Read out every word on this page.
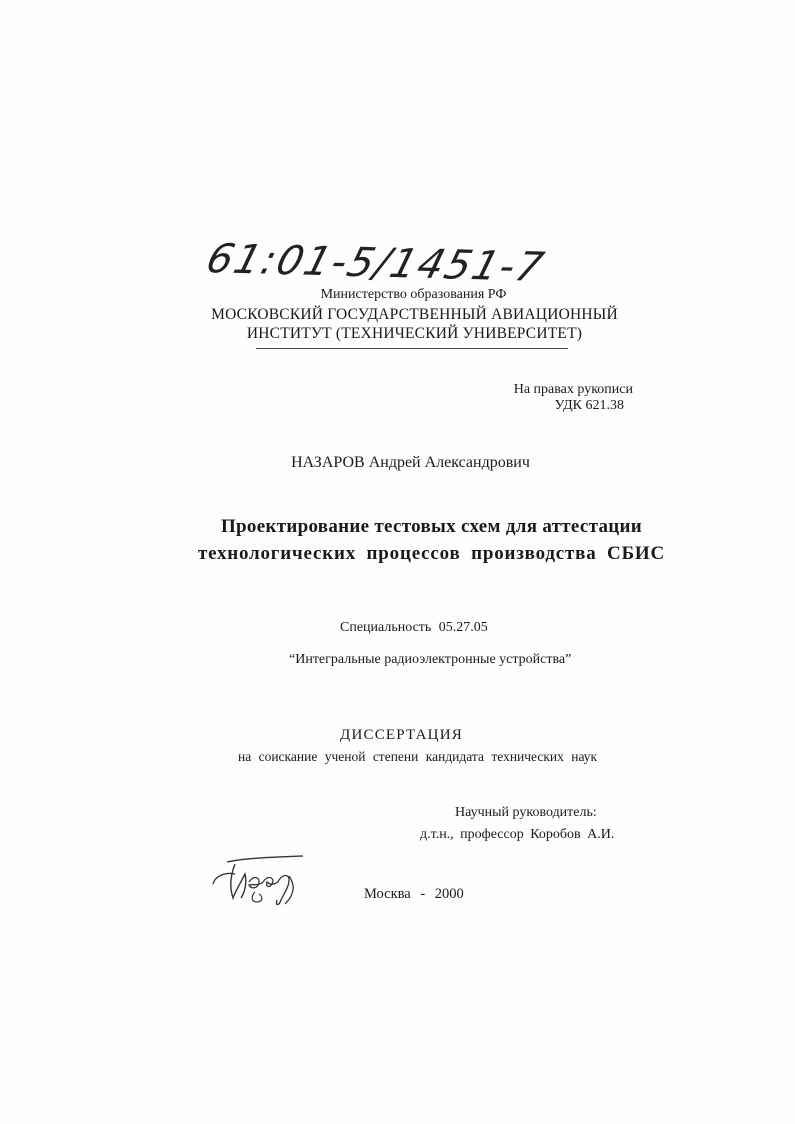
61:01-5/1451-7
Министерство образования РФ
МОСКОВСКИЙ ГОСУДАРСТВЕННЫЙ АВИАЦИОННЫЙ
ИНСТИТУТ (ТЕХНИЧЕСКИЙ УНИВЕРСИТЕТ)
На правах рукописи
УДК 621.38
НАЗАРОВ Андрей Александрович
Проектирование тестовых схем для аттестации
технологических процессов производства СБИС
Специальность 05.27.05
“Интегральные радиоэлектронные устройства”
ДИССЕРТАЦИЯ
на соискание ученой степени кандидата технических наук
Научный руководитель:
д.т.н., профессор Коробов А.И.
Москва - 2000
